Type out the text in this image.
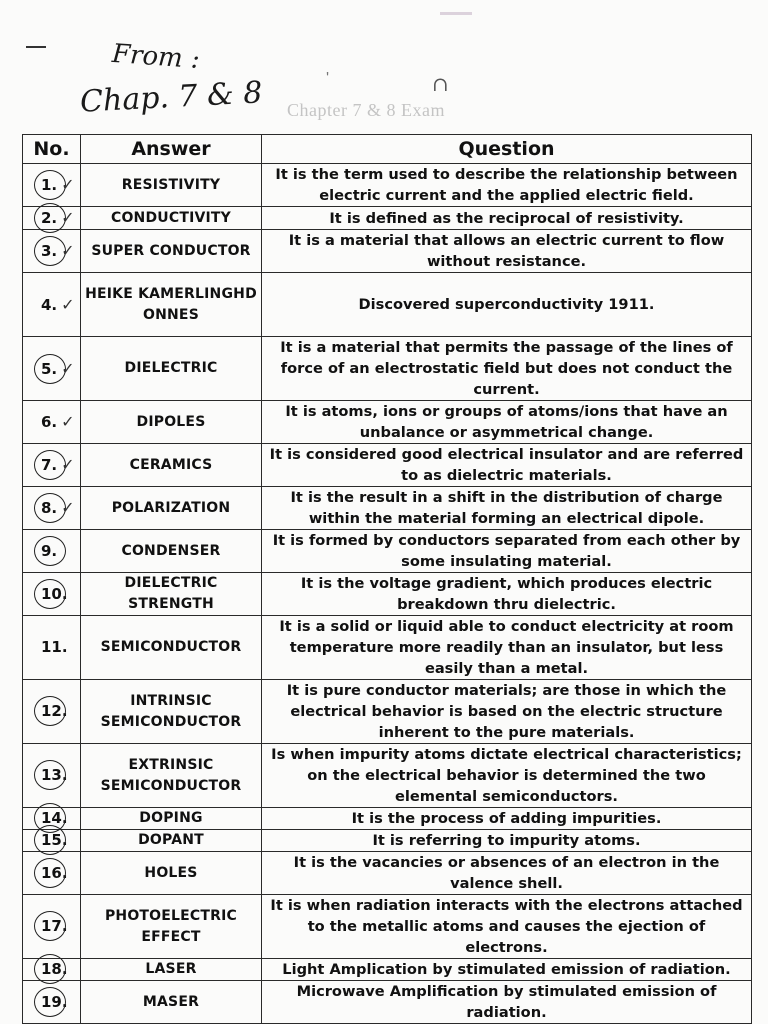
From :
Chap. 7 & 8	'	∩
Chapter 7 & 8 Exam
No.	Answer	Question
1. ✓	RESISTIVITY	It is the term used to describe the relationship between electric current and the applied electric field.
2. ✓	CONDUCTIVITY	It is defined as the reciprocal of resistivity.
3. ✓	SUPER CONDUCTOR	It is a material that allows an electric current to flow without resistance.
4. ✓	HEIKE KAMERLINGHD ONNES	Discovered superconductivity 1911.
5. ✓	DIELECTRIC	It is a material that permits the passage of the lines of force of an electrostatic field but does not conduct the current.
6. ✓	DIPOLES	It is atoms, ions or groups of atoms/ions that have an unbalance or asymmetrical change.
7. ✓	CERAMICS	It is considered good electrical insulator and are referred to as dielectric materials.
8. ✓	POLARIZATION	It is the result in a shift in the distribution of charge within the material forming an electrical dipole.
9.	CONDENSER	It is formed by conductors separated from each other by some insulating material.
10.	DIELECTRIC STRENGTH	It is the voltage gradient, which produces electric breakdown thru dielectric.
11.	SEMICONDUCTOR	It is a solid or liquid able to conduct electricity at room temperature more readily than an insulator, but less easily than a metal.
12.	INTRINSIC SEMICONDUCTOR	It is pure conductor materials; are those in which the electrical behavior is based on the electric structure inherent to the pure materials.
13.	EXTRINSIC SEMICONDUCTOR	Is when impurity atoms dictate electrical characteristics; on the electrical behavior is determined the two elemental semiconductors.
14.	DOPING	It is the process of adding impurities.
15.	DOPANT	It is referring to impurity atoms.
16.	HOLES	It is the vacancies or absences of an electron in the valence shell.
17.	PHOTOELECTRIC EFFECT	It is when radiation interacts with the electrons attached to the metallic atoms and causes the ejection of electrons.
18.	LASER	Light Amplication by stimulated emission of radiation.
19.	MASER	Microwave Amplification by stimulated emission of radiation.
